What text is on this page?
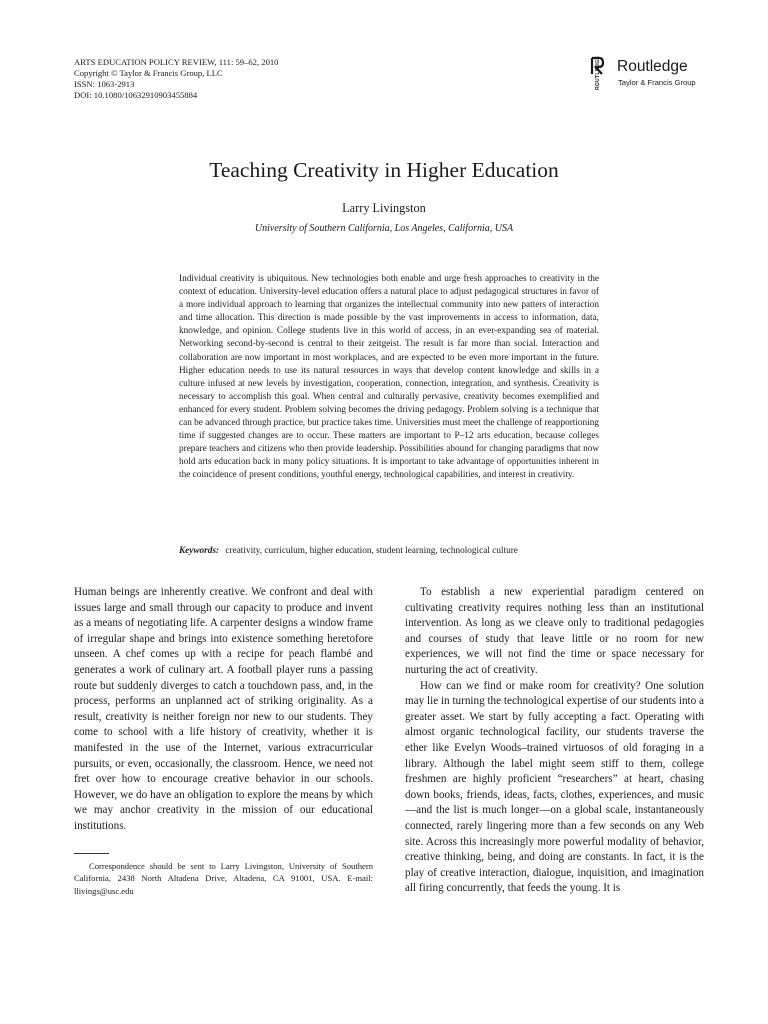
ARTS EDUCATION POLICY REVIEW, 111: 59–62, 2010
Copyright © Taylor & Francis Group, LLC
ISSN: 1063-2913
DOI: 10.1080/10632910903455884
ROUTLEDGE Routledge
Taylor & Francis Group
Teaching Creativity in Higher Education
Larry Livingston
University of Southern California, Los Angeles, California, USA

Individual creativity is ubiquitous. New technologies both enable and urge fresh approaches to creativity in the context of education. University-level education offers a natural place to adjust pedagogical structures in favor of a more individual approach to learning that organizes the intellectual community into new patters of interaction and time allocation. This direction is made possible by the vast improvements in access to information, data, knowledge, and opinion. College students live in this world of access, in an ever-expanding sea of material. Networking second-by-second is central to their zeitgeist. The result is far more than social. Interaction and collaboration are now important in most workplaces, and are expected to be even more important in the future. Higher education needs to use its natural resources in ways that develop content knowledge and skills in a culture infused at new levels by investigation, cooperation, connection, integration, and synthesis. Creativity is necessary to accomplish this goal. When central and culturally pervasive, creativity becomes exemplified and enhanced for every student. Problem solving becomes the driving pedagogy. Problem solving is a technique that can be advanced through practice, but practice takes time. Universities must meet the challenge of reapportioning time if suggested changes are to occur. These matters are important to P–12 arts education, because colleges prepare teachers and citizens who then provide leadership. Possibilities abound for changing paradigms that now hold arts education back in many policy situations. It is important to take advantage of opportunities inherent in the coincidence of present conditions, youthful energy, technological capabilities, and interest in creativity.

Keywords: creativity, curriculum, higher education, student learning, technological culture

Human beings are inherently creative. We confront and deal with issues large and small through our capacity to produce and invent as a means of negotiating life. A carpenter designs a window frame of irregular shape and brings into existence something heretofore unseen. A chef comes up with a recipe for peach flambé and generates a work of culinary art. A football player runs a passing route but suddenly diverges to catch a touchdown pass, and, in the process, performs an unplanned act of striking originality. As a result, creativity is neither foreign nor new to our students. They come to school with a life history of creativity, whether it is manifested in the use of the Internet, various extracurricular pursuits, or even, occasionally, the classroom. Hence, we need not fret over how to encourage creative behavior in our schools. However, we do have an obligation to explore the means by which we may anchor creativity in the mission of our educational institutions.

To establish a new experiential paradigm centered on cultivating creativity requires nothing less than an institutional intervention. As long as we cleave only to traditional pedagogies and courses of study that leave little or no room for new experiences, we will not find the time or space necessary for nurturing the act of creativity.

How can we find or make room for creativity? One solution may lie in turning the technological expertise of our students into a greater asset. We start by fully accepting a fact. Operating with almost organic technological facility, our students traverse the ether like Evelyn Woods–trained virtuosos of old foraging in a library. Although the label might seem stiff to them, college freshmen are highly proficient “researchers” at heart, chasing down books, friends, ideas, facts, clothes, experiences, and music—and the list is much longer—on a global scale, instantaneously connected, rarely lingering more than a few seconds on any Web site. Across this increasingly more powerful modality of behavior, creative thinking, being, and doing are constants. In fact, it is the play of creative interaction, dialogue, inquisition, and imagination all firing concurrently, that feeds the young. It is

Correspondence should be sent to Larry Livingston, University of Southern California, 2438 North Altadena Drive, Altadena, CA 91001, USA. E-mail: llivings@usc.edu
